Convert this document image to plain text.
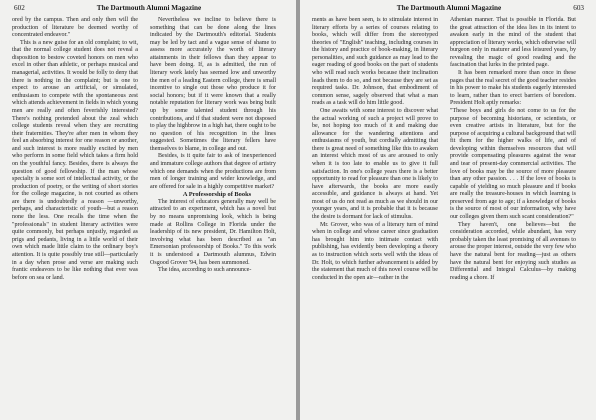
The Dartmouth Alumni Magazine
602

ored by the campus. Then and only then will the production of literature be deemed worthy of concentrated endeavor."

This is a new guise for an old complaint; to wit, that the normal college student does not reveal a disposition to bestow coveted honors on men who excel in other than athletic, or perhaps musical and managerial, activities. It would be folly to deny that there is nothing in the complaint; but is one to expect to arouse an artificial, or simulated, enthusiasm to compete with the spontaneous zest which attends achievement in fields in which young men are really and often feverishly interested? There's nothing pretended about the zeal which college students reveal when they are recruiting their fraternities. They're after men in whom they feel an absorbing interest for one reason or another, and such interest is more readily excited by men who perform in some field which takes a firm hold on the youthful fancy. Besides, there is always the question of good fellowship. If the man whose specialty is some sort of intellectual activity, or the production of poetry, or the writing of short stories for the college magazine, is not courted as others are there is undoubtedly a reason —unworthy, perhaps, and characteristic of youth—but a reason none the less. One recalls the time when the "professionals" in student literary activities were quite commonly, but perhaps unjustly, regarded as prigs and pedants, living in a little world of their own which made little claim to the ordinary boy's attention. It is quite possibly true still—particularly in a day when prose and verse are making such frantic endeavors to be like nothing that ever was before on sea or land.

Nevertheless we incline to believe there is something that can be done along the lines indicated by the Dartmouth's editorial. Students may be led by tact and a vague sense of shame to assess more accurately the worth of literary attainments in their fellows than they appear to have been doing. If, as is admitted, the run of literary work lately has seemed low and unworthy the men of a leading Eastern college, there is small incentive to single out those who produce it for social honors; but if it were known that a really notable reputation for literary work was being built up by some talented student through his contributions, and if that student were not disposed to play the highbrow in a high hat, there ought to be no question of his recognition in the lines suggested. Sometimes the literary fellers have themselves to blame, in college and out.

Besides, is it quite fair to ask of inexperienced and immature college authors that degree of artistry which one demands when the productions are from men of longer training and wider knowledge, and are offered for sale in a highly competitive market?

A Professorship of Books

The interest of educators generally may well be attracted to an experiment, which has a novel but by no means unpromising look, which is being made at Rollins College in Florida under the leadership of its new president, Dr. Hamilton Holt, involving what has been described as "an Emersonian professorship of Books." To this work it is understood a Dartmouth alumnus, Edwin Osgood Grover '94, has been summoned.

The idea, according to such announce-

The Dartmouth Alumni Magazine	603

ments as have been seen, is to stimulate interest in literary efforts by a series of courses relating to books, which will differ from the stereotyped theories of "English" teaching, including courses in the history and practice of book-making, in literary personalities, and such guidance as may lead to the eager reading of good books on the part of students who will read such works because their inclination leads them to do so, and not because they are set as required tasks. Dr. Johnson, that embodiment of common sense, sagely observed that what a man reads as a task will do him little good.

One awaits with some interest to discover what the actual working of such a project will prove to be, not hoping too much of it and making due allowance for the wandering attentions and enthusiasms of youth, but cordially admitting that there is great need of something like this to awaken an interest which most of us are aroused to only when it is too late to enable us to give it full satisfaction. In one's college years there is a better opportunity to read for pleasure than one is likely to have afterwards, the books are more easily accessible, and guidance is always at hand. Yet most of us do not read as much as we should in our younger years, and it is probable that it is because the desire is dormant for lack of stimulus.

Mr. Grover, who was of a literary turn of mind when in college and whose career since graduation has brought him into intimate contact with publishing, has evidently been developing a theory as to instruction which sorts well with the ideas of Dr. Holt, to which further advancement is added by the statement that much of this novel course will be conducted in the open air—rather in the

Athenian manner. That is possible in Florida. But the great attraction of the idea lies in its intent to awaken early in the mind of the student that appreciation of literary works, which otherwise will burgeon only in maturer and less leisured years, by revealing the magic of good reading and the fascination that lurks in the printed page.

It has been remarked more than once in these pages that the real secret of the good teacher resides in his power to make his students eagerly interested to learn, rather than to erect barriers of boredom. President Holt aptly remarks:

"These boys and girls do not come to us for the purpose of becoming historians, or scientists, or even creative artists in literature, but for the purpose of acquiring a cultural background that will fit them for the higher walks of life, and of developing within themselves resources that will provide compensating pleasures against the wear and tear of present-day commercial activities. The love of books may be the source of more pleasure than any other passion. . . . If the love of books is capable of yielding so much pleasure and if books are really the treasure-houses in which learning is preserved from age to age; if a knowledge of books is the source of most of our information, why have our colleges given them such scant consideration?"

They haven't, one believes—but the consideration accorded, while abundant, has very probably taken the least promising of all avenues to arouse the proper interest, outside the very few who have the natural bent for reading—just as others have the natural bent for enjoying such studies as Differential and Integral Calculus—by making reading a chore. If
